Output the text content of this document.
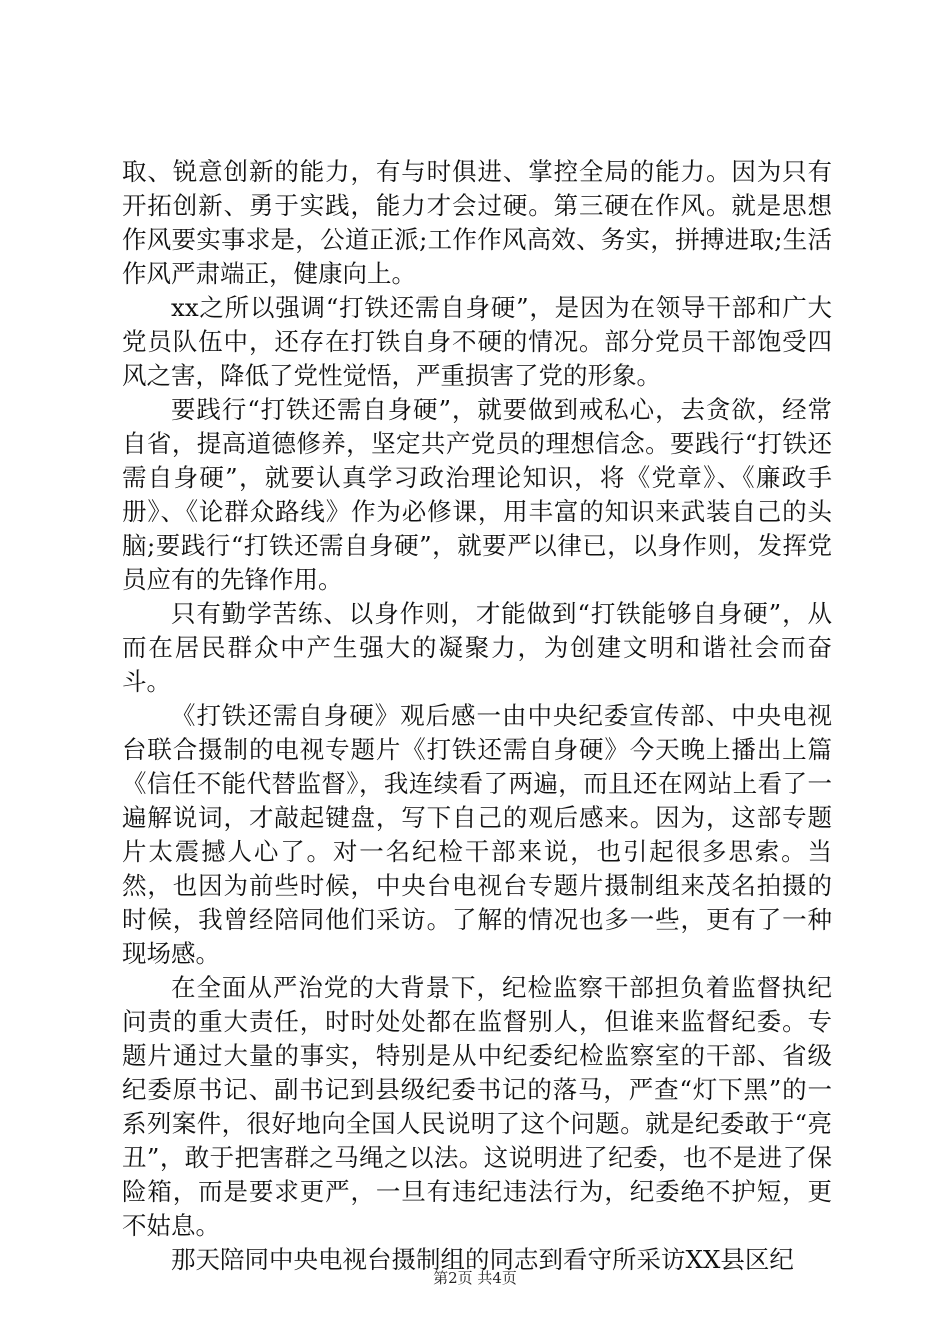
取、锐意创新的能力，有与时俱进、掌控全局的能力。因为只有开拓创新、勇于实践，能力才会过硬。第三硬在作风。就是思想作风要实事求是，公道正派;工作作风高效、务实，拼搏进取;生活作风严肃端正，健康向上。

xx之所以强调“打铁还需自身硬”，是因为在领导干部和广大党员队伍中，还存在打铁自身不硬的情况。部分党员干部饱受四风之害，降低了党性觉悟，严重损害了党的形象。

要践行“打铁还需自身硬”，就要做到戒私心，去贪欲，经常自省，提高道德修养，坚定共产党员的理想信念。要践行“打铁还需自身硬”，就要认真学习政治理论知识，将《党章》、《廉政手册》、《论群众路线》作为必修课，用丰富的知识来武装自己的头脑;要践行“打铁还需自身硬”，就要严以律已，以身作则，发挥党员应有的先锋作用。

只有勤学苦练、以身作则，才能做到“打铁能够自身硬”，从而在居民群众中产生强大的凝聚力，为创建文明和谐社会而奋斗。

《打铁还需自身硬》观后感一由中央纪委宣传部、中央电视台联合摄制的电视专题片《打铁还需自身硬》今天晚上播出上篇《信任不能代替监督》，我连续看了两遍，而且还在网站上看了一遍解说词，才敲起键盘，写下自己的观后感来。因为，这部专题片太震撼人心了。对一名纪检干部来说，也引起很多思索。当然，也因为前些时候，中央台电视台专题片摄制组来茂名拍摄的时候，我曾经陪同他们采访。了解的情况也多一些，更有了一种现场感。

在全面从严治党的大背景下，纪检监察干部担负着监督执纪问责的重大责任，时时处处都在监督别人，但谁来监督纪委。专题片通过大量的事实，特别是从中纪委纪检监察室的干部、省级纪委原书记、副书记到县级纪委书记的落马，严查“灯下黑”的一系列案件，很好地向全国人民说明了这个问题。就是纪委敢于“亮丑”，敢于把害群之马绳之以法。这说明进了纪委，也不是进了保险箱，而是要求更严，一旦有违纪违法行为，纪委绝不护短，更不姑息。

那天陪同中央电视台摄制组的同志到看守所采访XX县区纪

第2页 共4页
